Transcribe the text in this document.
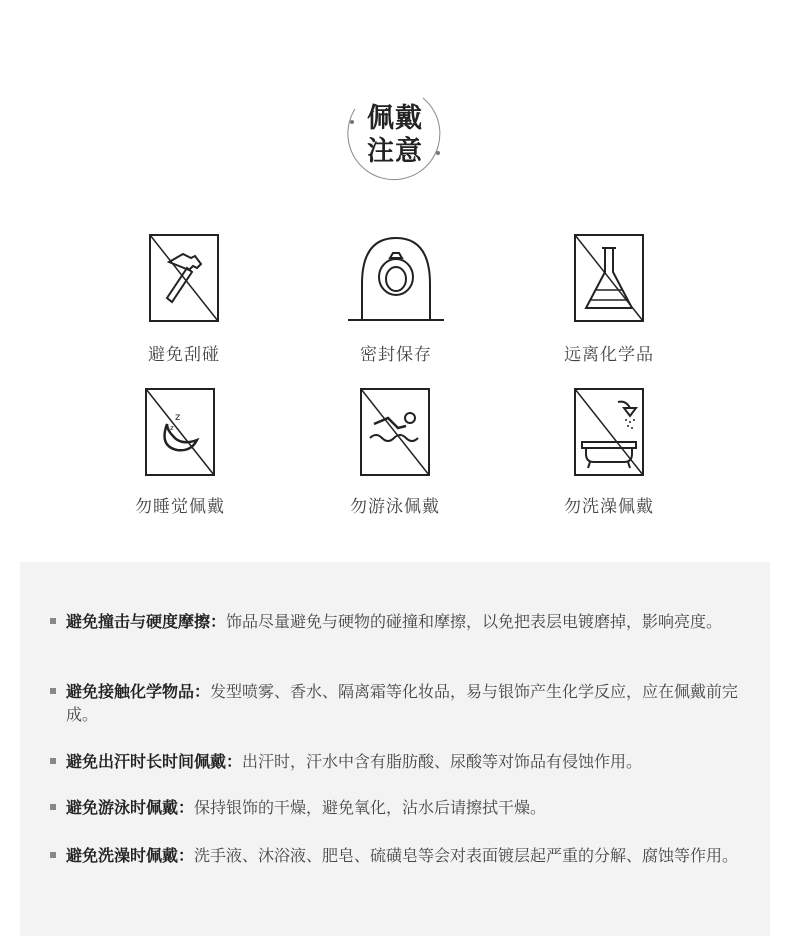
佩戴
注意
避免刮碰	密封保存	远离化学品
z
z
勿睡觉佩戴	勿游泳佩戴	勿洗澡佩戴
避免撞击与硬度摩擦：饰品尽量避免与硬物的碰撞和摩擦，以免把表层电镀磨掉，影响亮度。
避免接触化学物品：发型喷雾、香水、隔离霜等化妆品，易与银饰产生化学反应，应在佩戴前完成。
避免出汗时长时间佩戴：出汗时，汗水中含有脂肪酸、尿酸等对饰品有侵蚀作用。
避免游泳时佩戴：保持银饰的干燥，避免氧化，沾水后请擦拭干燥。
避免洗澡时佩戴：洗手液、沐浴液、肥皂、硫磺皂等会对表面镀层起严重的分解、腐蚀等作用。
